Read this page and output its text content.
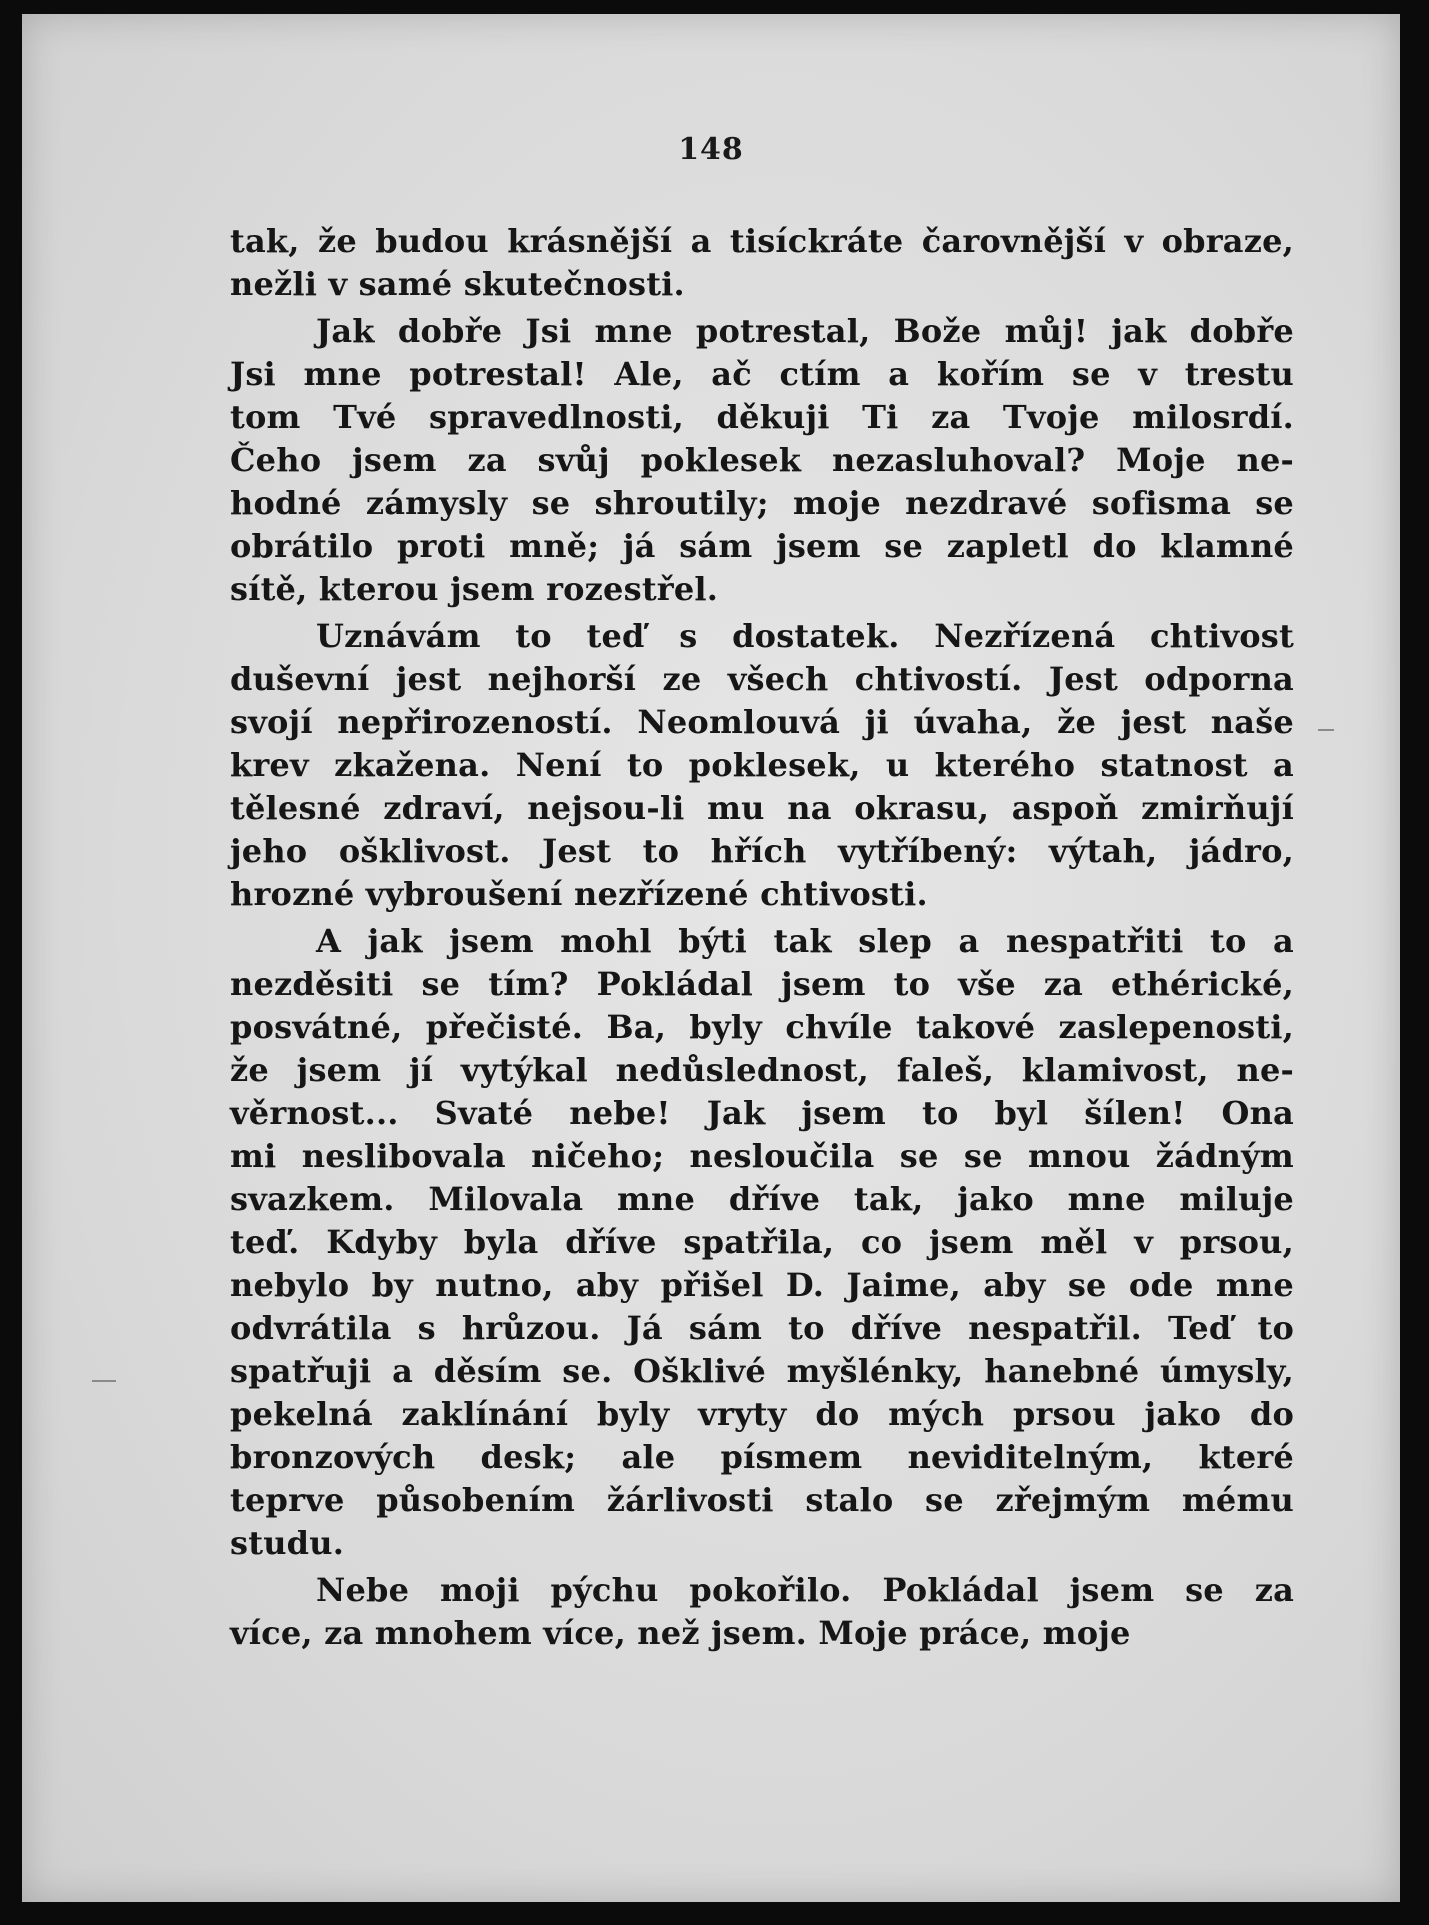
148
tak, že budou krásnější a tisíckráte čarovnější v obraze,
nežli v samé skutečnosti.
Jak dobře Jsi mne potrestal, Bože můj! jak dobře
Jsi mne potrestal! Ale, ač ctím a kořím se v trestu
tom Tvé spravedlnosti, děkuji Ti za Tvoje milosrdí.
Čeho jsem za svůj poklesek nezasluhoval? Moje ne-
hodné zámysly se shroutily; moje nezdravé sofisma se
obrátilo proti mně; já sám jsem se zapletl do klamné
sítě, kterou jsem rozestřel.
Uznávám to teď s dostatek. Nezřízená chtivost
duševní jest nejhorší ze všech chtivostí. Jest odporna
svojí nepřirozeností. Neomlouvá ji úvaha, že jest naše
krev zkažena. Není to poklesek, u kterého statnost a
tělesné zdraví, nejsou-li mu na okrasu, aspoň zmirňují
jeho ošklivost. Jest to hřích vytříbený: výtah, jádro,
hrozné vybroušení nezřízené chtivosti.
A jak jsem mohl býti tak slep a nespatřiti to a
nezděsiti se tím? Pokládal jsem to vše za ethérické,
posvátné, přečisté. Ba, byly chvíle takové zaslepenosti,
že jsem jí vytýkal nedůslednost, faleš, klamivost, ne-
věrnost... Svaté nebe! Jak jsem to byl šílen! Ona
mi neslibovala ničeho; nesloučila se se mnou žádným
svazkem. Milovala mne dříve tak, jako mne miluje
teď. Kdyby byla dříve spatřila, co jsem měl v prsou,
nebylo by nutno, aby přišel D. Jaime, aby se ode mne
odvrátila s hrůzou. Já sám to dříve nespatřil. Teď to
spatřuji a děsím se. Ošklivé myšlénky, hanebné úmysly,
pekelná zaklínání byly vryty do mých prsou jako do
bronzových desk; ale písmem neviditelným, které
teprve působením žárlivosti stalo se zřejmým mému
studu.
Nebe moji pýchu pokořilo. Pokládal jsem se za
více, za mnohem více, než jsem. Moje práce, moje
